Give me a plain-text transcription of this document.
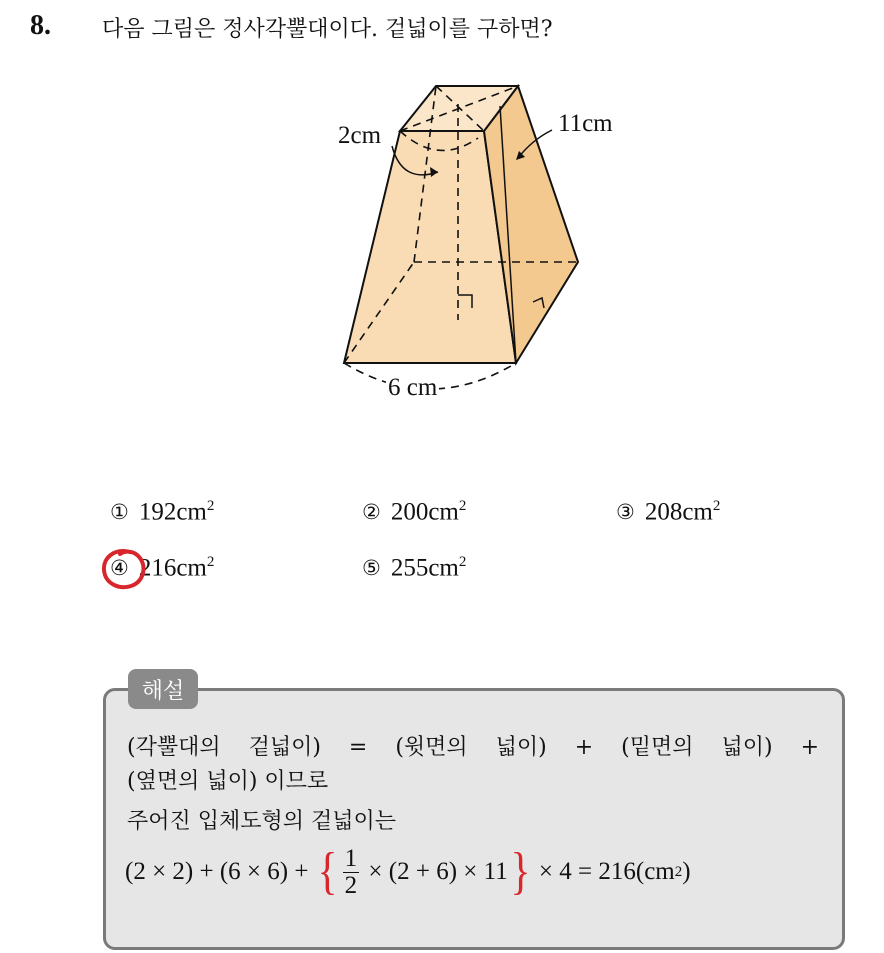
8. 다음 그림은 정사각뿔대이다. 겉넓이를 구하면?
2cm	11cm
6 cm
① $192cm^2$	② $200cm^2$	③ $208cm^2$
④ $216cm^2$	⑤ $255cm^2$
해설
(각뿔대의 겉넓이) = (윗면의 넓이) + (밑면의 넓이) +
(옆면의 넓이) 이므로
주어진 입체도형의 겉넓이는
(2 × 2) + (6 × 6) + { $\frac{1}{2} \times (2 + 6) \times 11$ } × 4 = 216(cm 2 )
